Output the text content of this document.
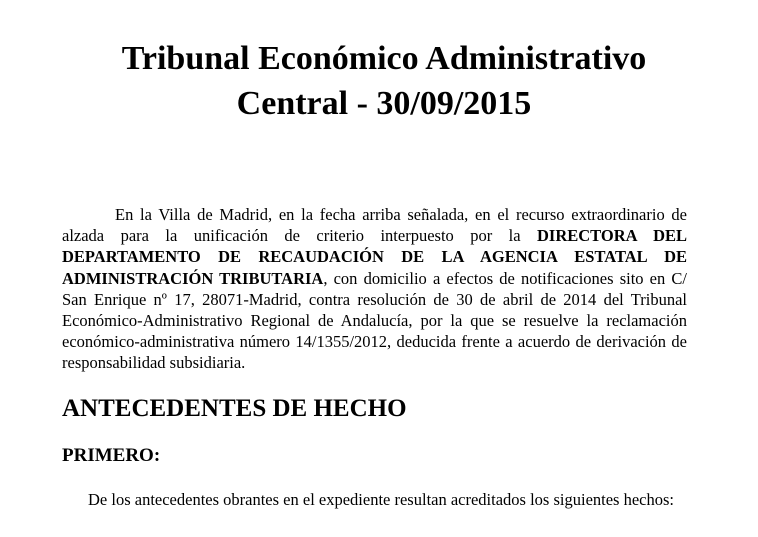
Tribunal Económico Administrativo
Central - 30/09/2015

En la Villa de Madrid, en la fecha arriba señalada, en el recurso extraordinario de alzada para la unificación de criterio interpuesto por la DIRECTORA DEL DEPARTAMENTO DE RECAUDACIÓN DE LA AGENCIA ESTATAL DE ADMINISTRACIÓN TRIBUTARIA, con domicilio a efectos de notificaciones sito en C/ San Enrique nº 17, 28071-Madrid, contra resolución de 30 de abril de 2014 del Tribunal Económico-Administrativo Regional de Andalucía, por la que se resuelve la reclamación económico-administrativa número 14/1355/2012, deducida frente a acuerdo de derivación de responsabilidad subsidiaria.

ANTECEDENTES DE HECHO
PRIMERO:

De los antecedentes obrantes en el expediente resultan acreditados los siguientes hechos:
